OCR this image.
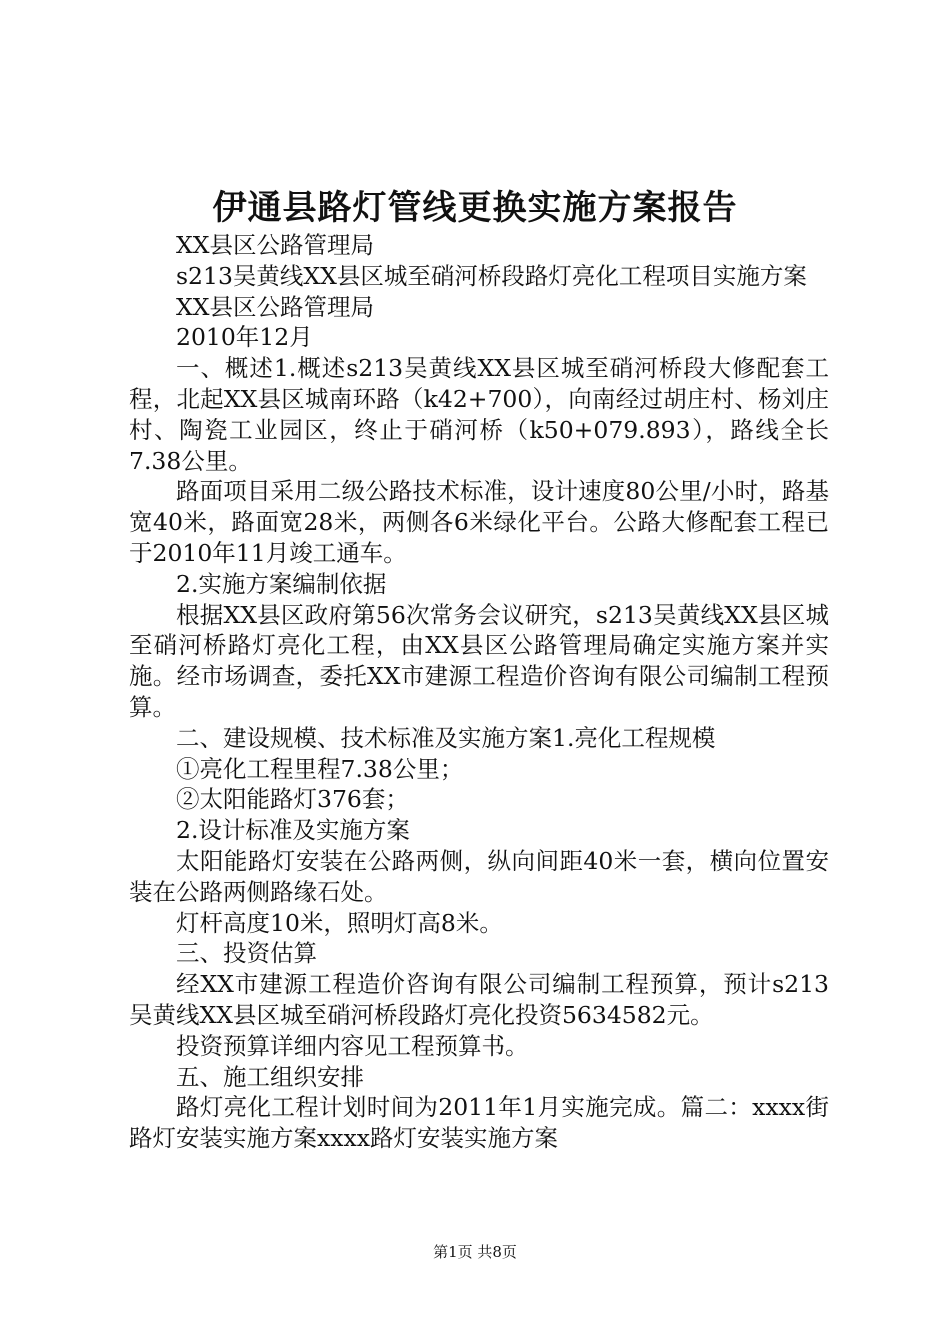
伊通县路灯管线更换实施方案报告

XX县区公路管理局

s213吴黄线XX县区城至硝河桥段路灯亮化工程项目实施方案

XX县区公路管理局

2010年12月

一、概述1.概述s213吴黄线XX县区城至硝河桥段大修配套工程，北起XX县区城南环路（k42+700），向南经过胡庄村、杨刘庄村、陶瓷工业园区，终止于硝河桥（k50+079.893），路线全长7.38公里。

路面项目采用二级公路技术标准，设计速度80公里/小时，路基宽40米，路面宽28米，两侧各6米绿化平台。公路大修配套工程已于2010年11月竣工通车。

2.实施方案编制依据

根据XX县区政府第56次常务会议研究，s213吴黄线XX县区城至硝河桥路灯亮化工程，由XX县区公路管理局确定实施方案并实施。经市场调查，委托XX市建源工程造价咨询有限公司编制工程预算。

二、建设规模、技术标准及实施方案1.亮化工程规模

①亮化工程里程7.38公里；

②太阳能路灯376套；

2.设计标准及实施方案

太阳能路灯安装在公路两侧，纵向间距40米一套，横向位置安装在公路两侧路缘石处。

灯杆高度10米，照明灯高8米。

三、投资估算

经XX市建源工程造价咨询有限公司编制工程预算，预计s213吴黄线XX县区城至硝河桥段路灯亮化投资5634582元。

投资预算详细内容见工程预算书。

五、施工组织安排

路灯亮化工程计划时间为2011年1月实施完成。篇二：xxxx街路灯安装实施方案xxxx路灯安装实施方案

第1页 共8页
